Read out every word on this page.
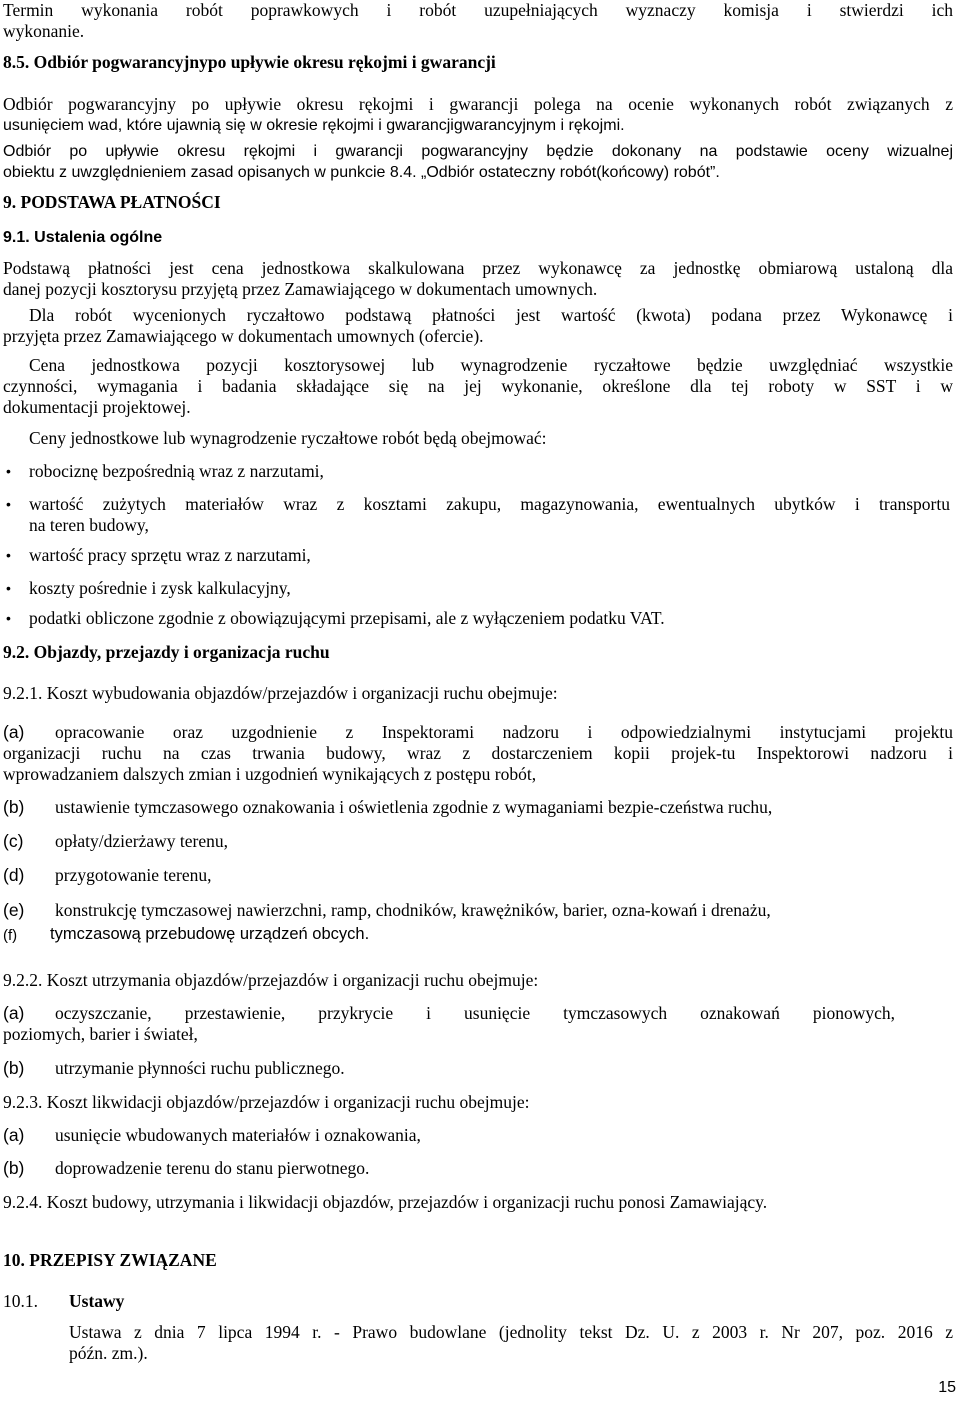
Termin wykonania robót poprawkowych i robót uzupełniających wyznaczy komisja i stwierdzi ich
wykonanie.
8.5. Odbiór pogwarancyjnypo upływie okresu rękojmi i gwarancji
Odbiór pogwarancyjny po upływie okresu rękojmi i gwarancji polega na ocenie wykonanych robót związanych z
usunięciem wad, które ujawnią się w okresie rękojmi i gwarancjigwarancyjnym i rękojmi.
Odbiór po upływie okresu rękojmi i gwarancji pogwarancyjny będzie dokonany na podstawie oceny wizualnej
obiektu z uwzględnieniem zasad opisanych w punkcie 8.4. „Odbiór ostateczny robót(końcowy) robót”.
9. PODSTAWA PŁATNOŚCI
9.1. Ustalenia ogólne
Podstawą płatności jest cena jednostkowa skalkulowana przez wykonawcę za jednostkę obmiarową ustaloną dla
danej pozycji kosztorysu przyjętą przez Zamawiającego w dokumentach umownych.
Dla robót wycenionych ryczałtowo podstawą płatności jest wartość (kwota) podana przez Wykonawcę i
przyjęta przez Zamawiającego w dokumentach umownych (ofercie).
Cena jednostkowa pozycji kosztorysowej lub wynagrodzenie ryczałtowe będzie uwzględniać wszystkie
czynności, wymagania i badania składające się na jej wykonanie, określone dla tej roboty w SST i w
dokumentacji projektowej.
Ceny jednostkowe lub wynagrodzenie ryczałtowe robót będą obejmować:
• robociznę bezpośrednią wraz z narzutami,
• wartość zużytych materiałów wraz z kosztami zakupu, magazynowania, ewentualnych ubytków i transportu
na teren budowy,
• wartość pracy sprzętu wraz z narzutami,
• koszty pośrednie i zysk kalkulacyjny,
• podatki obliczone zgodnie z obowiązującymi przepisami, ale z wyłączeniem podatku VAT.
9.2. Objazdy, przejazdy i organizacja ruchu
9.2.1. Koszt wybudowania objazdów/przejazdów i organizacji ruchu obejmuje:
(a) opracowanie oraz uzgodnienie z Inspektorami nadzoru i odpowiedzialnymi instytucjami projektu
organizacji ruchu na czas trwania budowy, wraz z dostarczeniem kopii projek-tu Inspektorowi nadzoru i
wprowadzaniem dalszych zmian i uzgodnień wynikających z postępu robót,
(b) ustawienie tymczasowego oznakowania i oświetlenia zgodnie z wymaganiami bezpie-czeństwa ruchu,
(c) opłaty/dzierżawy terenu,
(d) przygotowanie terenu,
(e) konstrukcję tymczasowej nawierzchni, ramp, chodników, krawężników, barier, ozna-kowań i drenażu,
(f) tymczasową przebudowę urządzeń obcych.
9.2.2. Koszt utrzymania objazdów/przejazdów i organizacji ruchu obejmuje:
(a) oczyszczanie, przestawienie, przykrycie i usunięcie tymczasowych oznakowań pionowych,
poziomych, barier i świateł,
(b) utrzymanie płynności ruchu publicznego.
9.2.3. Koszt likwidacji objazdów/przejazdów i organizacji ruchu obejmuje:
(a) usunięcie wbudowanych materiałów i oznakowania,
(b) doprowadzenie terenu do stanu pierwotnego.
9.2.4. Koszt budowy, utrzymania i likwidacji objazdów, przejazdów i organizacji ruchu ponosi Zamawiający.
10. PRZEPISY ZWIĄZANE
10.1. Ustawy
Ustawa z dnia 7 lipca 1994 r. - Prawo budowlane (jednolity tekst Dz. U. z 2003 r. Nr 207, poz. 2016 z
późn. zm.).
15
